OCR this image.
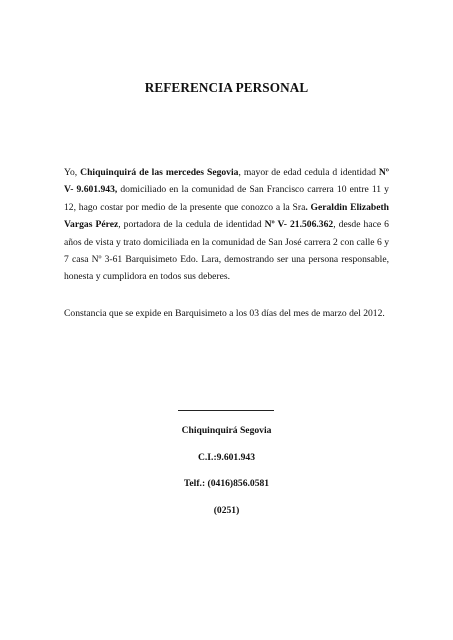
REFERENCIA PERSONAL
Yo, Chiquinquirá de las mercedes Segovia, mayor de edad cedula d identidad Nº V- 9.601.943, domiciliado en la comunidad de San Francisco carrera 10 entre 11 y 12, hago costar por medio de la presente que conozco a la Sra. Geraldin Elizabeth Vargas Pérez, portadora de la cedula de identidad Nº V- 21.506.362, desde hace 6 años de vista y trato domiciliada en la comunidad de San José carrera 2 con calle 6 y 7 casa Nº 3-61 Barquisimeto Edo. Lara, demostrando ser una persona responsable, honesta y cumplidora en todos sus deberes.
Constancia que se expide en Barquisimeto a los 03 días del mes de marzo del 2012.
Chiquinquirá Segovia
C.I.:9.601.943
Telf.: (0416)856.0581
(0251)
